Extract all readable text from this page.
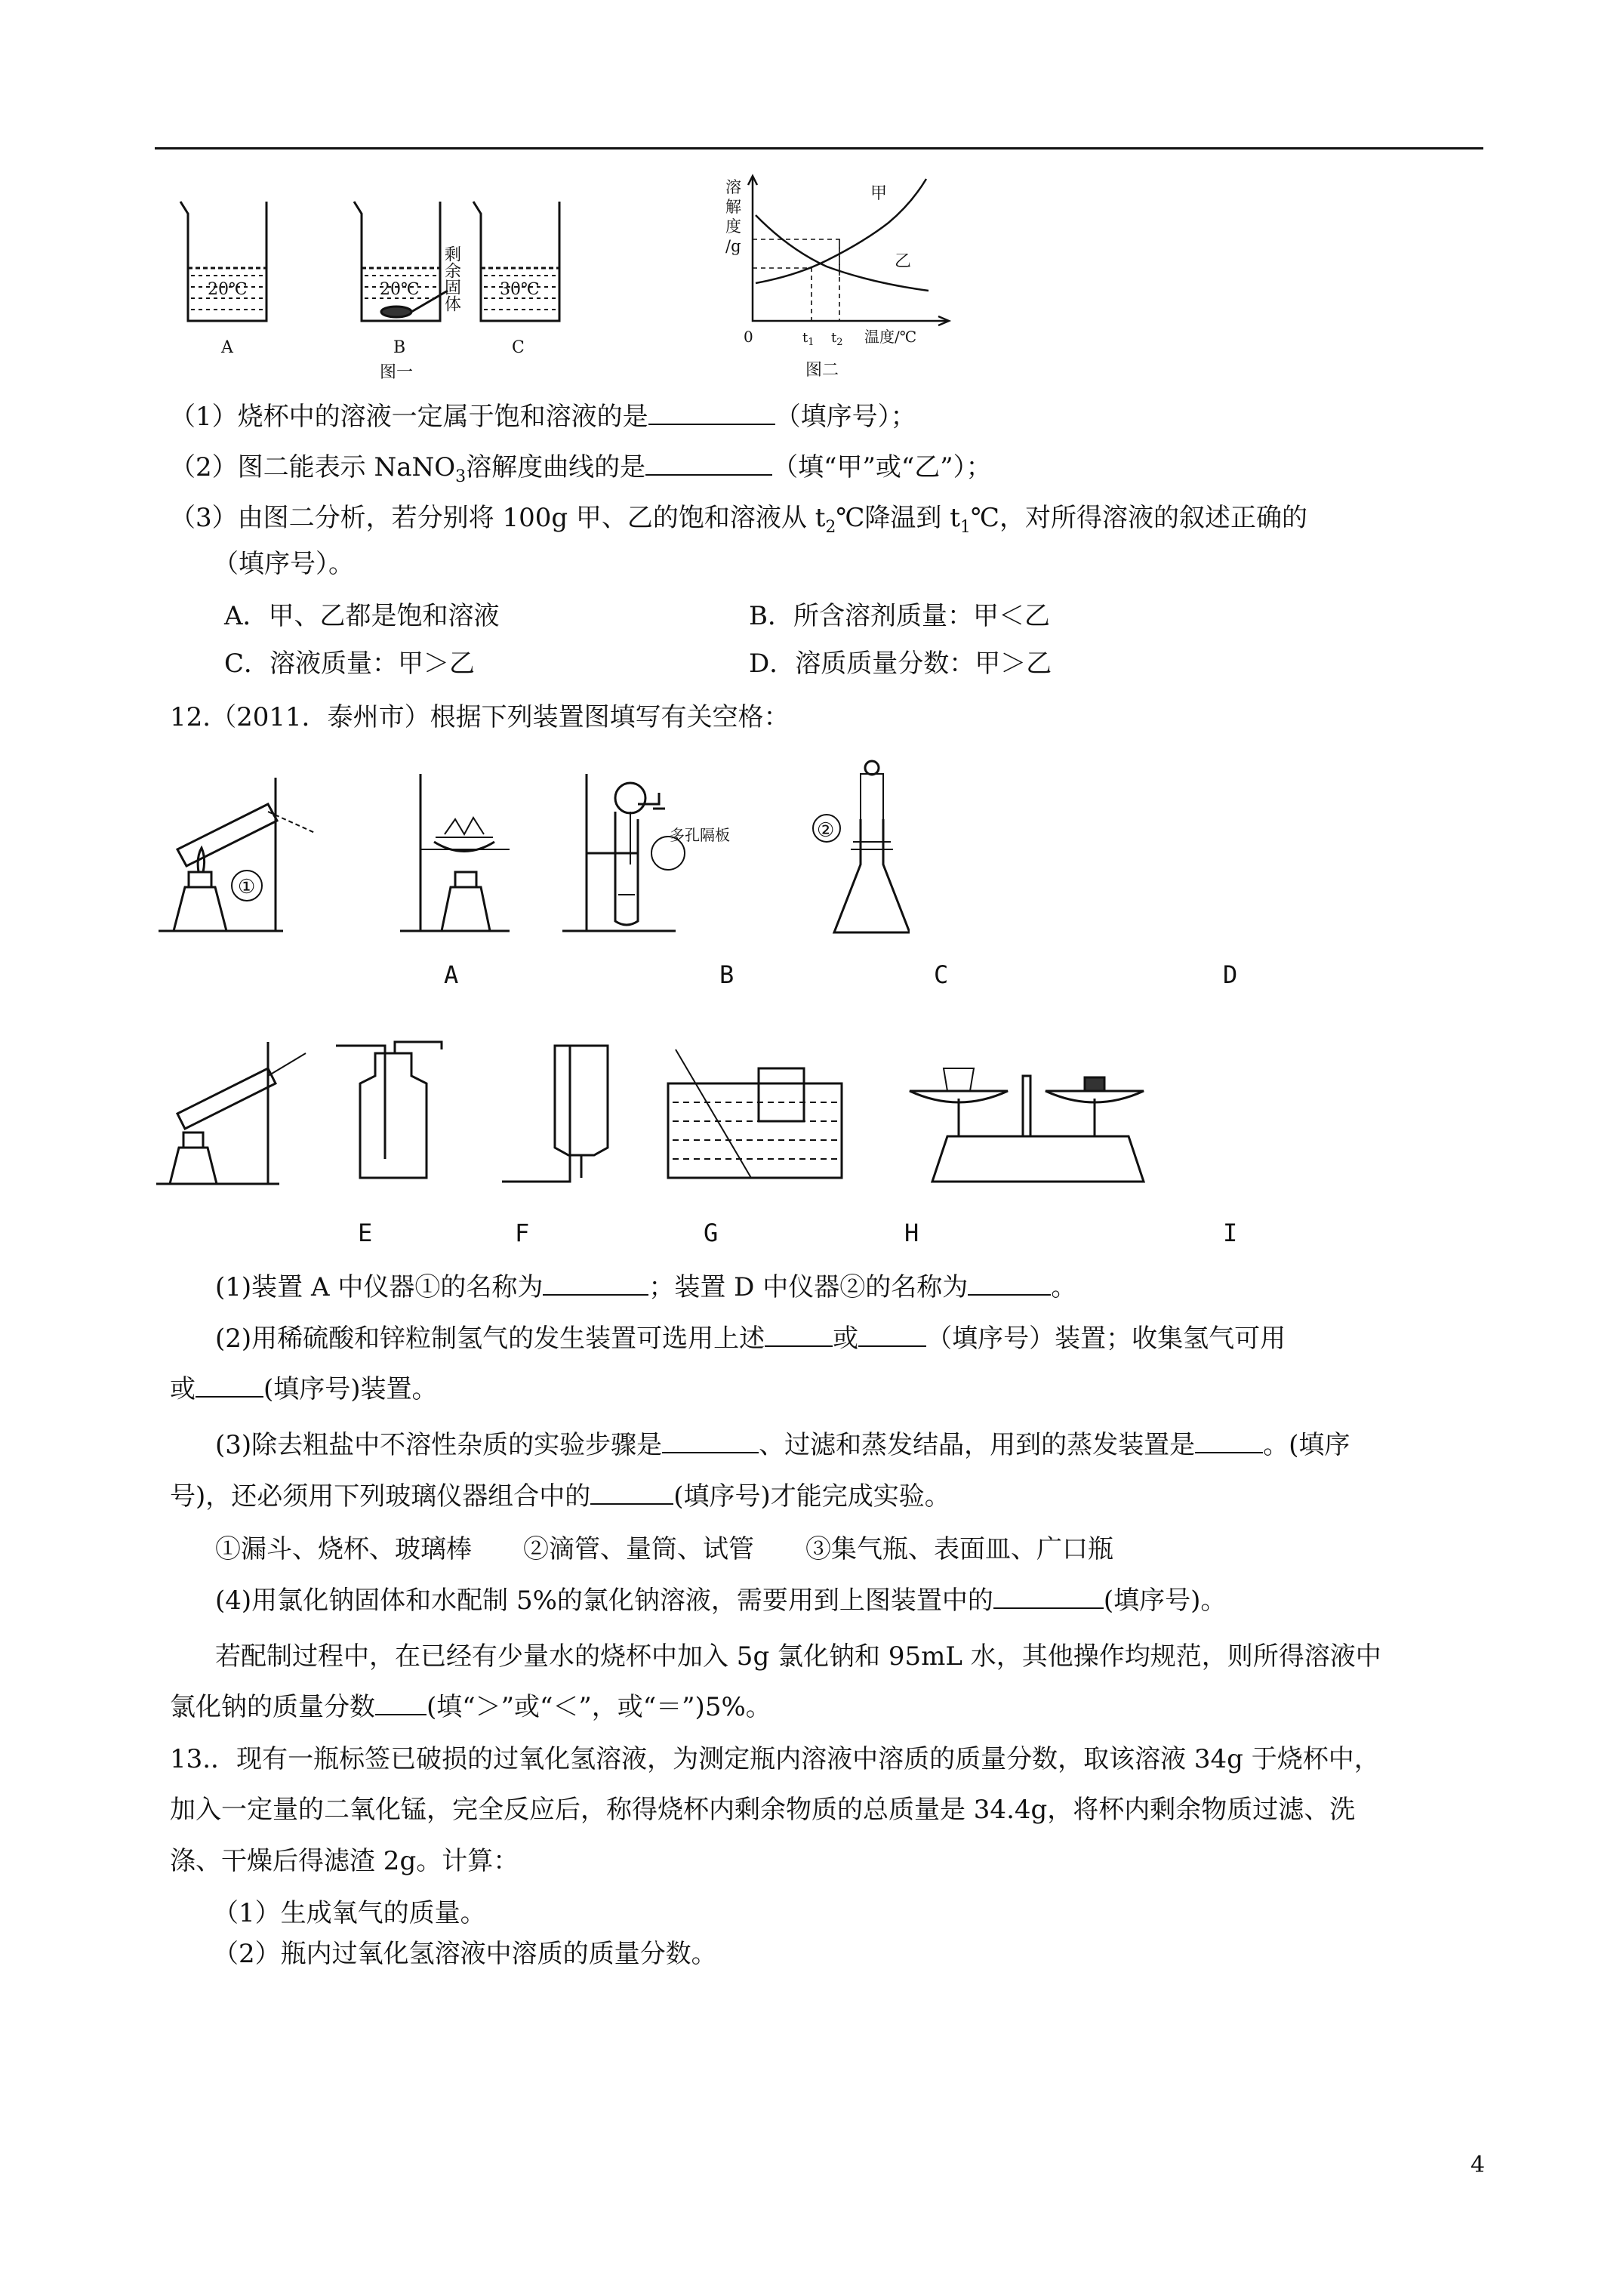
20℃
A
20℃ 剩余固体
B
30℃
C
图一
溶
解
度
/g
甲
乙
0	$t_1$ $t_2$ 温度/℃
图二
（1）烧杯中的溶液一定属于饱和溶液的是	（填序号）；
（2）图二能表示 NaNO$_3$溶解度曲线的是	（填“甲”或“乙”）；
（3）由图二分析，若分别将 100g 甲、乙的饱和溶液从 $t_2℃$降温到 $t_1℃$，对所得溶液的叙述正确的
（填序号）。
A．甲、乙都是饱和溶液	B．所含溶剂质量：甲＜乙
C．溶液质量：甲＞乙	D．溶质质量分数：甲＞乙
12.（2011．泰州市）根据下列装置图填写有关空格：
①
多孔隔板	②
A	B	C	D
E	F	G	H	I
(1)装置 A 中仪器①的名称为	；装置 D 中仪器②的名称为	。
(2)用稀硫酸和锌粒制氢气的发生装置可选用上述	或	（填序号）装置；收集氢气可用
或	(填序号)装置。
(3)除去粗盐中不溶性杂质的实验步骤是	、过滤和蒸发结晶，用到的蒸发装置是	。(填序
号)，还必须用下列玻璃仪器组合中的	(填序号)才能完成实验。
①漏斗、烧杯、玻璃棒　　②滴管、量筒、试管　　③集气瓶、表面皿、广口瓶
(4)用氯化钠固体和水配制 5%的氯化钠溶液，需要用到上图装置中的	(填序号)。
若配制过程中，在已经有少量水的烧杯中加入 5g 氯化钠和 95mL 水，其他操作均规范，则所得溶液中
氯化钠的质量分数 (填“＞”或“＜”，或“＝”)5%。
13.．现有一瓶标签已破损的过氧化氢溶液，为测定瓶内溶液中溶质的质量分数，取该溶液 34g 于烧杯中，
加入一定量的二氧化锰，完全反应后，称得烧杯内剩余物质的总质量是 34.4g，将杯内剩余物质过滤、洗
涤、干燥后得滤渣 2g。计算：
（1）生成氧气的质量。
（2）瓶内过氧化氢溶液中溶质的质量分数。
4
